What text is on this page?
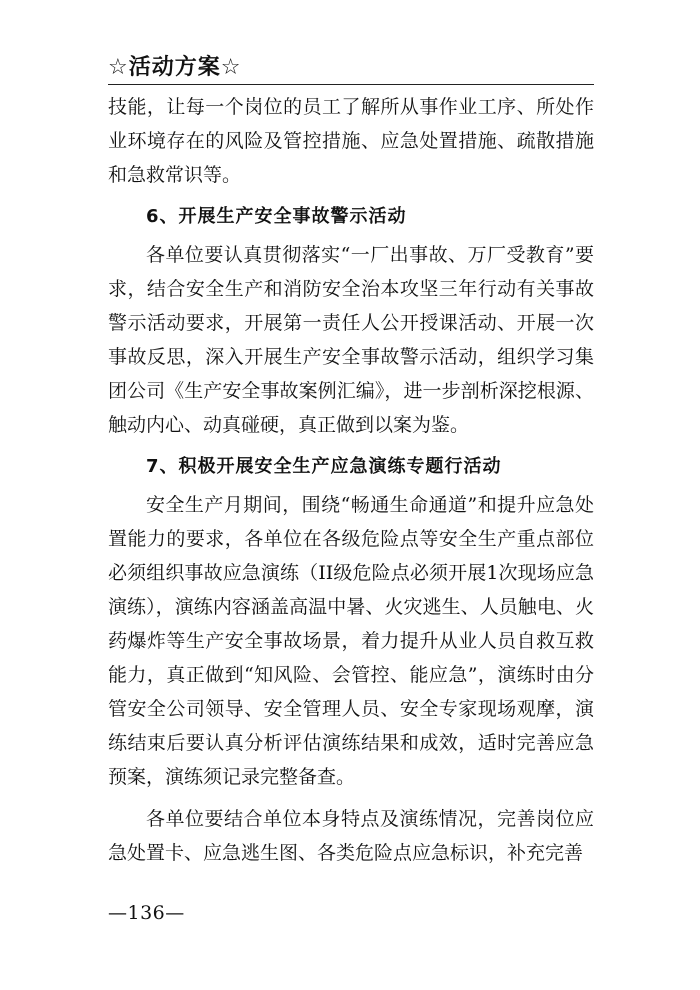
☆活动方案☆

技能，让每一个岗位的员工了解所从事作业工序、所处作业环境存在的风险及管控措施、应急处置措施、疏散措施和急救常识等。

6、开展生产安全事故警示活动

各单位要认真贯彻落实“一厂出事故、万厂受教育”要求，结合安全生产和消防安全治本攻坚三年行动有关事故警示活动要求，开展第一责任人公开授课活动、开展一次事故反思，深入开展生产安全事故警示活动，组织学习集团公司《生产安全事故案例汇编》，进一步剖析深挖根源、触动内心、动真碰硬，真正做到以案为鉴。

7、积极开展安全生产应急演练专题行活动

安全生产月期间，围绕“畅通生命通道”和提升应急处置能力的要求，各单位在各级危险点等安全生产重点部位必须组织事故应急演练（II级危险点必须开展1次现场应急演练），演练内容涵盖高温中暑、火灾逃生、人员触电、火药爆炸等生产安全事故场景，着力提升从业人员自救互救能力，真正做到“知风险、会管控、能应急”，演练时由分管安全公司领导、安全管理人员、安全专家现场观摩，演练结束后要认真分析评估演练结果和成效，适时完善应急预案，演练须记录完整备查。

各单位要结合单位本身特点及演练情况，完善岗位应急处置卡、应急逃生图、各类危险点应急标识，补充完善

—136—
